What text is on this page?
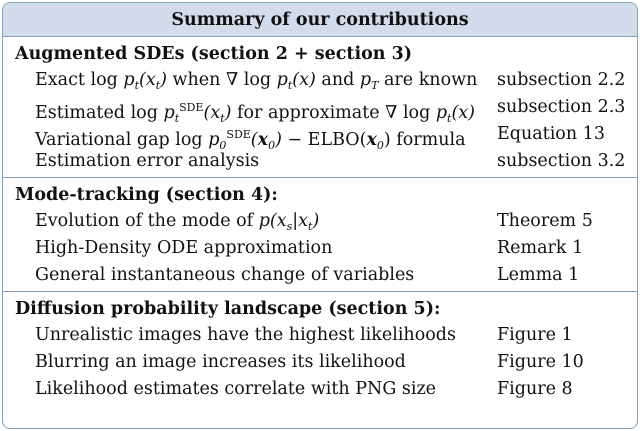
Summary of our contributions
Augmented SDEs (section 2 + section 3)
Exact $\log p_t(x_t)$ when ∇ $\log p_t(x)$ and $p_T$ are known	subsection 2.2
Estimated $\log p_t^{SDE}(x_t)$ for approximate ∇ $\log p_t(x)$	subsection 2.3
Variational gap $\log p_0^{SDE}(x_0)$ − $ELBO(x_0)$ formula	Equation 13
Estimation error analysis	subsection 3.2
Mode-tracking (section 4):
Evolution of the mode of $p(x_s|x_t)$	Theorem 5
High-Density ODE approximation	Remark 1
General instantaneous change of variables	Lemma 1
Diffusion probability landscape (section 5):
Unrealistic images have the highest likelihoods	Figure 1
Blurring an image increases its likelihood	Figure 10
Likelihood estimates correlate with PNG size	Figure 8
